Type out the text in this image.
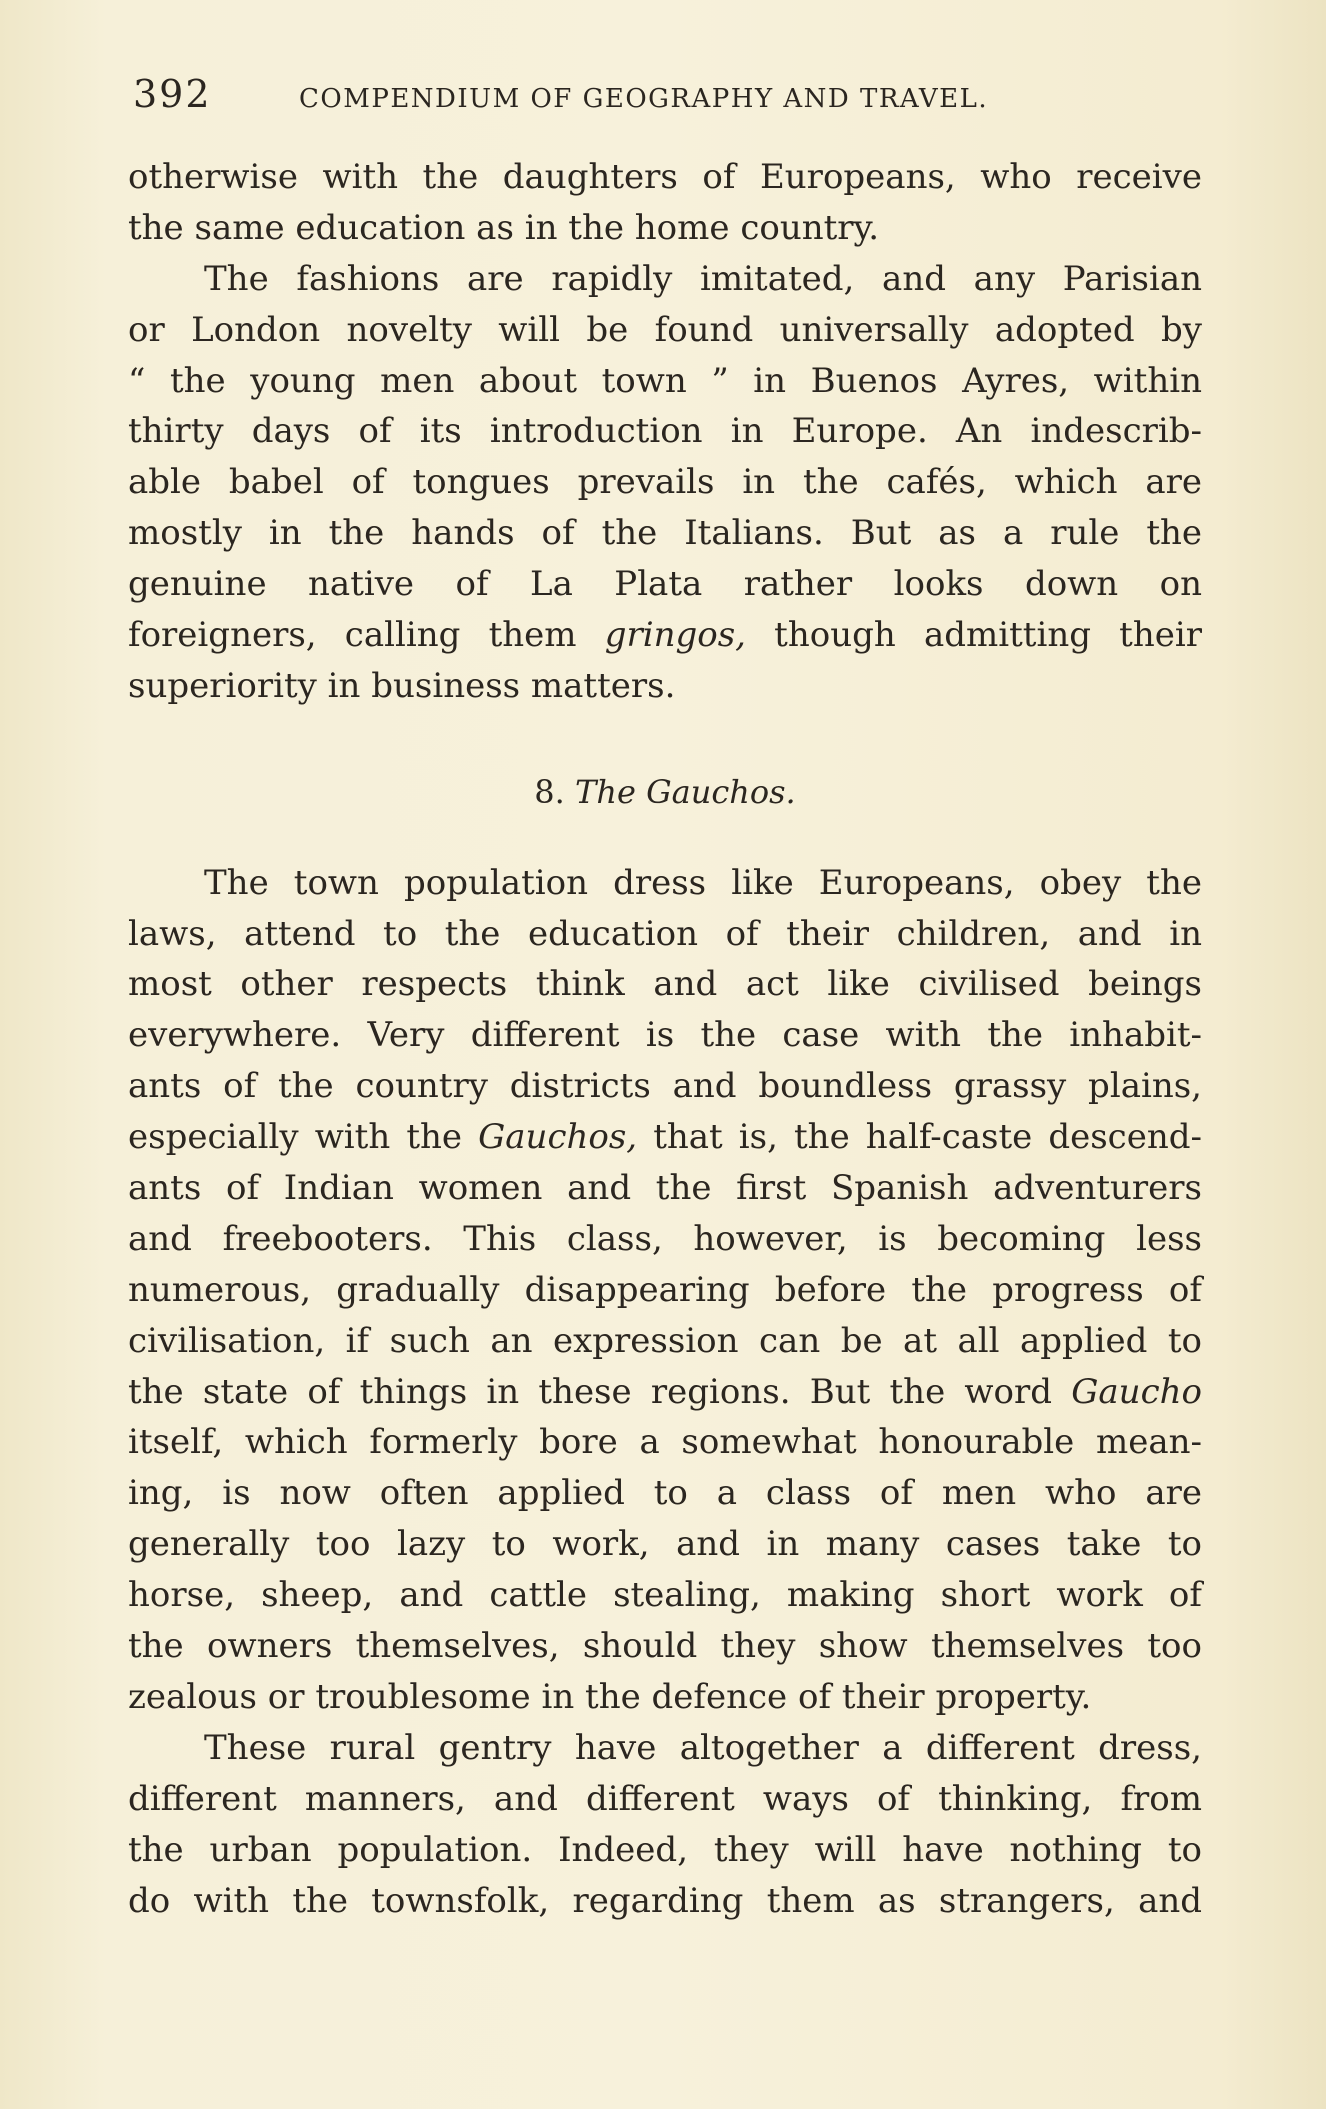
392	COMPENDIUM OF GEOGRAPHY AND TRAVEL.
otherwise with the daughters of Europeans, who receive
the same education as in the home country.
The fashions are rapidly imitated, and any Parisian
or London novelty will be found universally adopted by
“ the young men about town ” in Buenos Ayres, within
thirty days of its introduction in Europe. An indescrib-
able babel of tongues prevails in the cafés, which are
mostly in the hands of the Italians. But as a rule the
genuine native of La Plata rather looks down on
foreigners, calling them gringos, though admitting their
superiority in business matters.
8. The Gauchos.
The town population dress like Europeans, obey the
laws, attend to the education of their children, and in
most other respects think and act like civilised beings
everywhere. Very different is the case with the inhabit-
ants of the country districts and boundless grassy plains,
especially with the Gauchos, that is, the half-caste descend-
ants of Indian women and the first Spanish adventurers
and freebooters. This class, however, is becoming less
numerous, gradually disappearing before the progress of
civilisation, if such an expression can be at all applied to
the state of things in these regions. But the word Gaucho
itself, which formerly bore a somewhat honourable mean-
ing, is now often applied to a class of men who are
generally too lazy to work, and in many cases take to
horse, sheep, and cattle stealing, making short work of
the owners themselves, should they show themselves too
zealous or troublesome in the defence of their property.
These rural gentry have altogether a different dress,
different manners, and different ways of thinking, from
the urban population. Indeed, they will have nothing to
do with the townsfolk, regarding them as strangers, and
